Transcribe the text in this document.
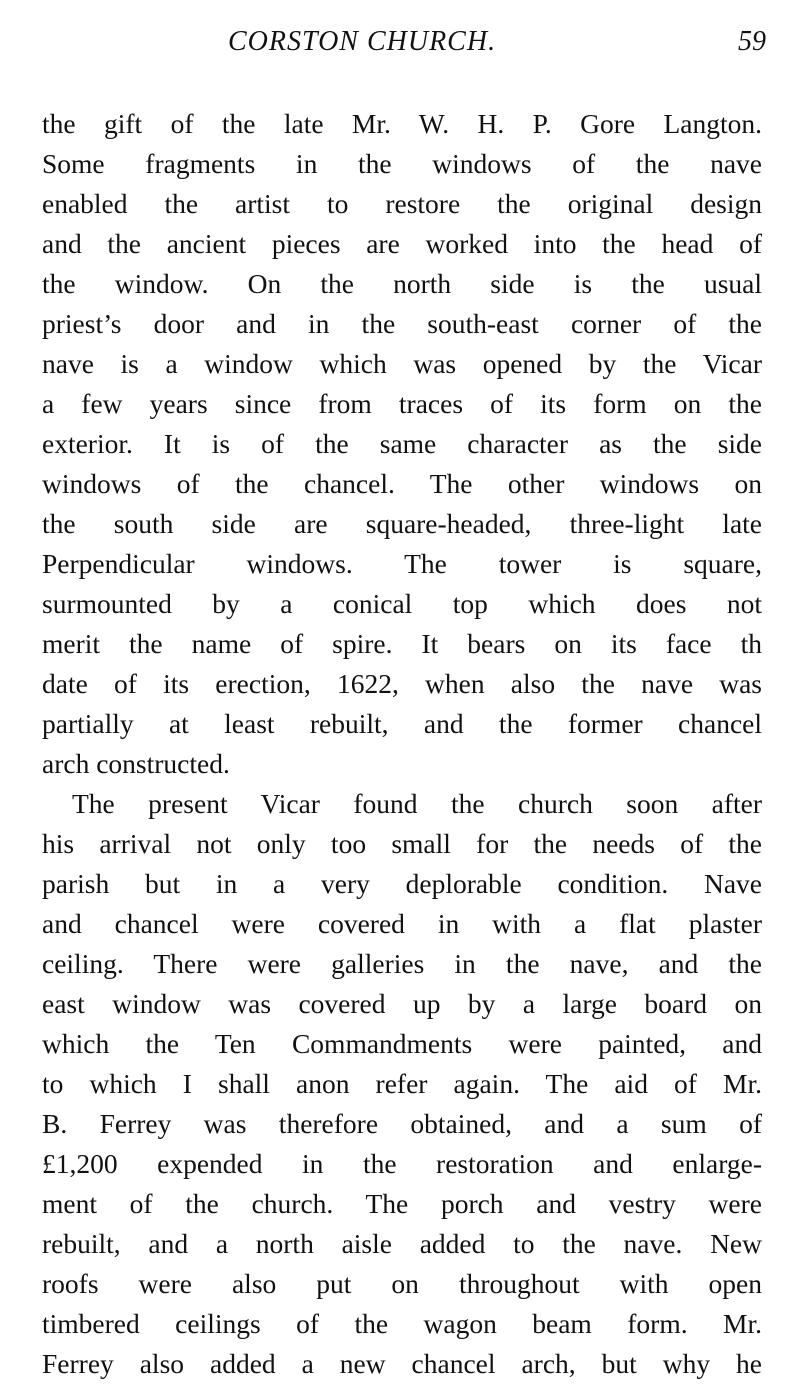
CORSTON CHURCH.	59
the gift of the late Mr. W. H. P. Gore Langton.
Some fragments in the windows of the nave
enabled the artist to restore the original design
and the ancient pieces are worked into the head of
the window. On the north side is the usual
priest’s door and in the south-east corner of the
nave is a window which was opened by the Vicar
a few years since from traces of its form on the
exterior. It is of the same character as the side
windows of the chancel. The other windows on
the south side are square-headed, three-light late
Perpendicular windows. The tower is square,
surmounted by a conical top which does not
merit the name of spire. It bears on its face th
date of its erection, 1622, when also the nave was
partially at least rebuilt, and the former chancel
arch constructed.
The present Vicar found the church soon after
his arrival not only too small for the needs of the
parish but in a very deplorable condition. Nave
and chancel were covered in with a flat plaster
ceiling. There were galleries in the nave, and the
east window was covered up by a large board on
which the Ten Commandments were painted, and
to which I shall anon refer again. The aid of Mr.
B. Ferrey was therefore obtained, and a sum of
£1,200 expended in the restoration and enlarge-
ment of the church. The porch and vestry were
rebuilt, and a north aisle added to the nave. New
roofs were also put on throughout with open
timbered ceilings of the wagon beam form. Mr.
Ferrey also added a new chancel arch, but why he
